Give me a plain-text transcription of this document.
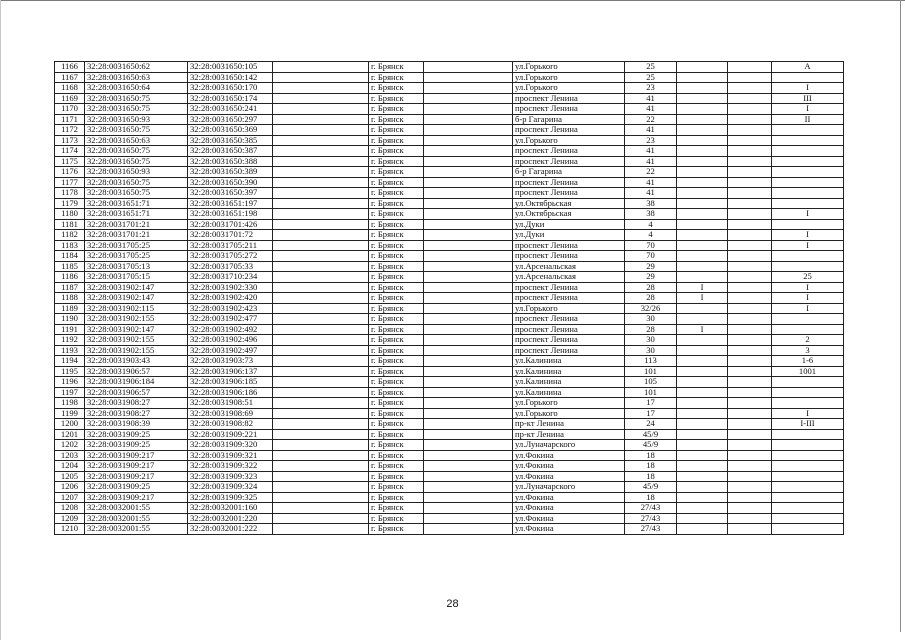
1166	32:28:0031650:62	32:28:0031650:105		г. Брянск		ул.Горького	25			А
1167	32:28:0031650:63	32:28:0031650:142		г. Брянск		ул.Горького	25			
1168	32:28:0031650:64	32:28:0031650:170		г. Брянск		ул.Горького	23			I
1169	32:28:0031650:75	32:28:0031650:174		г. Брянск		проспект Ленина	41			III
1170	32:28:0031650:75	32:28:0031650:241		г. Брянск		проспект Ленина	41			I
1171	32:28:0031650:93	32:28:0031650:297		г. Брянск		б-р Гагарина	22			II
1172	32:28:0031650:75	32:28:0031650:369		г. Брянск		проспект Ленина	41			
1173	32:28:0031650:63	32:28:0031650:385		г. Брянск		ул.Горького	23			
1174	32:28:0031650:75	32:28:0031650:387		г. Брянск		проспект Ленина	41			
1175	32:28:0031650:75	32:28:0031650:388		г. Брянск		проспект Ленина	41			
1176	32:28:0031650:93	32:28:0031650:389		г. Брянск		б-р Гагарина	22			
1177	32:28:0031650:75	32:28:0031650:390		г. Брянск		проспект Ленина	41			
1178	32:28:0031650:75	32:28:0031650:397		г. Брянск		проспект Ленина	41			
1179	32:28:0031651:71	32:28:0031651:197		г. Брянск		ул.Октябрьская	38			
1180	32:28:0031651:71	32:28:0031651:198		г. Брянск		ул.Октябрьская	38			I
1181	32:28:0031701:21	32:28:0031701:426		г. Брянск		ул.Дуки	4			
1182	32:28:0031701:21	32:28:0031701:72		г. Брянск		ул.Дуки	4			I
1183	32:28:0031705:25	32:28:0031705:211		г. Брянск		проспект Ленина	70			I
1184	32:28:0031705:25	32:28:0031705:272		г. Брянск		проспект Ленина	70			
1185	32:28:0031705:13	32:28:0031705:33		г. Брянск		ул.Арсенальская	29			
1186	32:28:0031705:15	32:28:0031710:234		г. Брянск		ул.Арсенальская	29			25
1187	32:28:0031902:147	32:28:0031902:330		г. Брянск		проспект Ленина	28	I		I
1188	32:28:0031902:147	32:28:0031902:420		г. Брянск		проспект Ленина	28	I		I
1189	32:28:0031902:115	32:28:0031902:423		г. Брянск		ул.Горького	32/26			I
1190	32:28:0031902:155	32:28:0031902:477		г. Брянск		проспект Ленина	30			
1191	32:28:0031902:147	32:28:0031902:492		г. Брянск		проспект Ленина	28	I		
1192	32:28:0031902:155	32:28:0031902:496		г. Брянск		проспект Ленина	30			2
1193	32:28:0031902:155	32:28:0031902:497		г. Брянск		проспект Ленина	30			3
1194	32:28:0031903:43	32:28:0031903:73		г. Брянск		ул.Калинина	113			1-6
1195	32:28:0031906:57	32:28:0031906:137		г. Брянск		ул.Калинина	101			1001
1196	32:28:0031906:184	32:28:0031906:185		г. Брянск		ул.Калинина	105			
1197	32:28:0031906:57	32:28:0031906:186		г. Брянск		ул.Калинина	101			
1198	32:28:0031908:27	32:28:0031908:51		г. Брянск		ул.Горького	17			
1199	32:28:0031908:27	32:28:0031908:69		г. Брянск		ул.Горького	17			I
1200	32:28:0031908:39	32:28:0031908:82		г. Брянск		пр-кт Ленина	24			I-III
1201	32:28:0031909:25	32:28:0031909:221		г. Брянск		пр-кт Ленина	45/9			
1202	32:28:0031909:25	32:28:0031909:320		г. Брянск		ул.Луначарского	45/9			
1203	32:28:0031909:217	32:28:0031909:321		г. Брянск		ул.Фокина	18			
1204	32:28:0031909:217	32:28:0031909:322		г. Брянск		ул.Фокина	18			
1205	32:28:0031909:217	32:28:0031909:323		г. Брянск		ул.Фокина	18			
1206	32:28:0031909:25	32:28:0031909:324		г. Брянск		ул.Луначарского	45/9			
1207	32:28:0031909:217	32:28:0031909:325		г. Брянск		ул.Фокина	18			
1208	32:28:0032001:55	32:28:0032001:160		г. Брянск		ул.Фокина	27/43			
1209	32:28:0032001:55	32:28:0032001:220		г. Брянск		ул.Фокина	27/43			
1210	32:28:0032001:55	32:28:0032001:222		г. Брянск		ул.Фокина	27/43			
28
